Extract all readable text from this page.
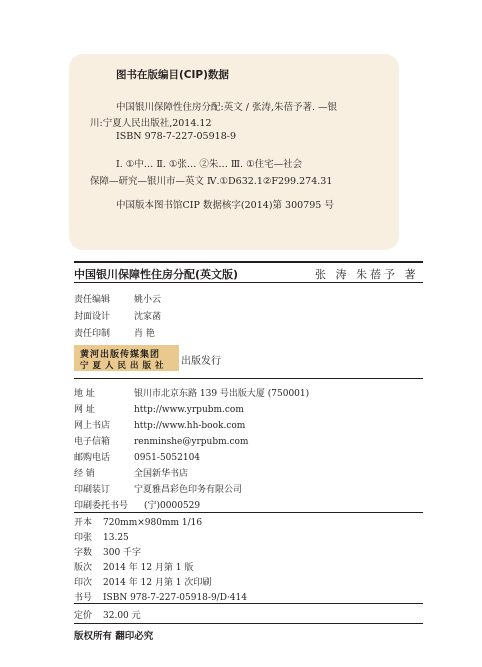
图书在版编目(CIP)数据
中国银川保障性住房分配:英文 / 张涛,朱蓓予著. —银
川:宁夏人民出版社,2014.12
ISBN 978-7-227-05918-9
Ⅰ. ①中… Ⅱ. ①张… ②朱… Ⅲ. ①住宅—社会
保障—研究—银川市—英文 Ⅳ.①D632.1②F299.274.31
中国版本图书馆CIP 数据核字(2014)第 300795 号
中国银川保障性住房分配(英文版)	张 涛 朱蓓予 著
责任编辑	姚小云
封面设计	沈家菡
责任印制	肖 艳
黄河出版传媒集团
宁夏人民出版社 出版发行
地 址	银川市北京东路 139 号出版大厦 (750001)
网 址	http://www.yrpubm.com
网上书店	http://www.hh-book.com
电子信箱	renminshe@yrpubm.com
邮购电话	0951-5052104
经 销	全国新华书店
印刷装订	宁夏雅昌彩色印务有限公司
印刷委托书号 (宁)0000529
开本 720mm×980mm 1/16
印张 13.25
字数 300 千字
版次 2014 年 12 月第 1 版
印次 2014 年 12 月第 1 次印刷
书号 ISBN 978-7-227-05918-9/D·414
定价 32.00 元
版权所有 翻印必究
